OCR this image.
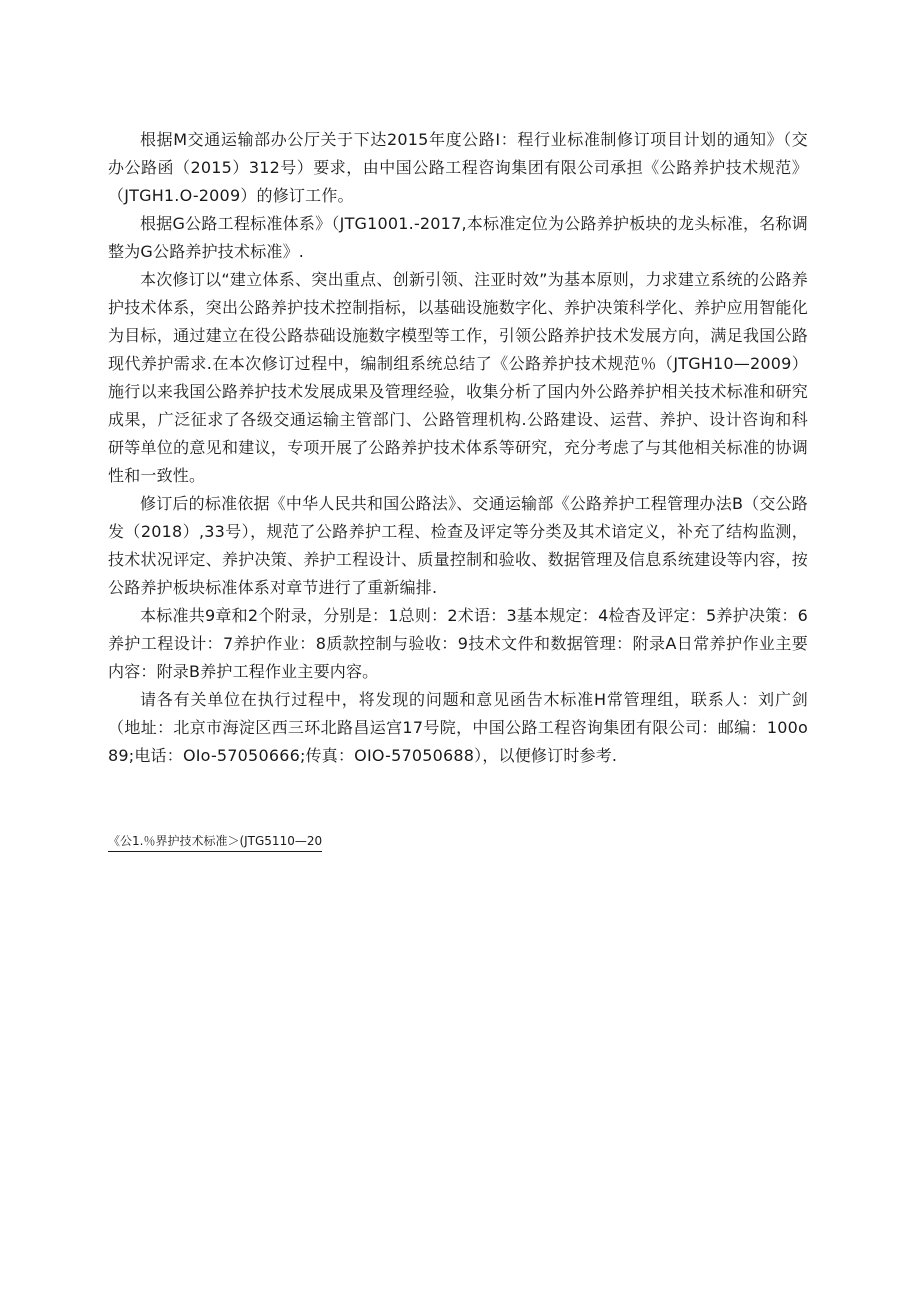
根据M交通运输部办公厅关于下达2015年度公路I：程行业标准制修订项目计划的通知》（交办公路函（2015）312号）要求，由中国公路工程咨询集团有限公司承担《公路养护技术规范》（JTGH1.O-2009）的修订工作。

根据G公路工程标准体系》（JTG1001.-2017,本标准定位为公路养护板块的龙头标准，名称调整为G公路养护技术标准》.

本次修订以“建立体系、突出重点、创新引领、注亚时效”为基本原则，力求建立系统的公路养护技术体系，突出公路养护技术控制指标，以基础设施数字化、养护决策科学化、养护应用智能化为目标，通过建立在役公路恭础设施数字模型等工作，引领公路养护技术发展方向，满足我国公路现代养护需求.在本次修订过程中，编制组系统总结了《公路养护技术规范％（JTGH10—2009）施行以来我国公路养护技术发展成果及管理经验，收集分析了国内外公路养护相关技术标准和研究成果，广泛征求了各级交通运输主管部门、公路管理机构.公路建设、运营、养护、设计咨询和科研等单位的意见和建议，专项开展了公路养护技术体系等研究，充分考虑了与其他相关标准的协调性和一致性。

修订后的标准依据《中华人民共和国公路法》、交通运输部《公路养护工程管理办法B（交公路发（2018）,33号），规范了公路养护工程、检查及评定等分类及其术谙定义，补充了结构监测，技术状况评定、养护决策、养护工程设计、质量控制和验收、数据管理及信息系统建设等内容，按公路养护板块标准体系对章节进行了重新编排.

本标准共9章和2个附录，分别是：1总则：2术语：3基本规定：4检杳及评定：5养护决策：6养护工程设计：7养护作业：8质款控制与验收：9技术文件和数据管理：附录A日常养护作业主要内容：附录B养护工程作业主要内容。

请各有关单位在执行过程中，将发现的问题和意见函告木标准H常管理组，联系人：刘广剑（地址：北京市海淀区西三环北路昌运宫17号院，中国公路工程咨询集团有限公司：邮编：100o89;电话：OIo-57050666;传真：OIO-57050688），以便修订时参考.

《公1.％界护技术标准＞(JTG5110—20
